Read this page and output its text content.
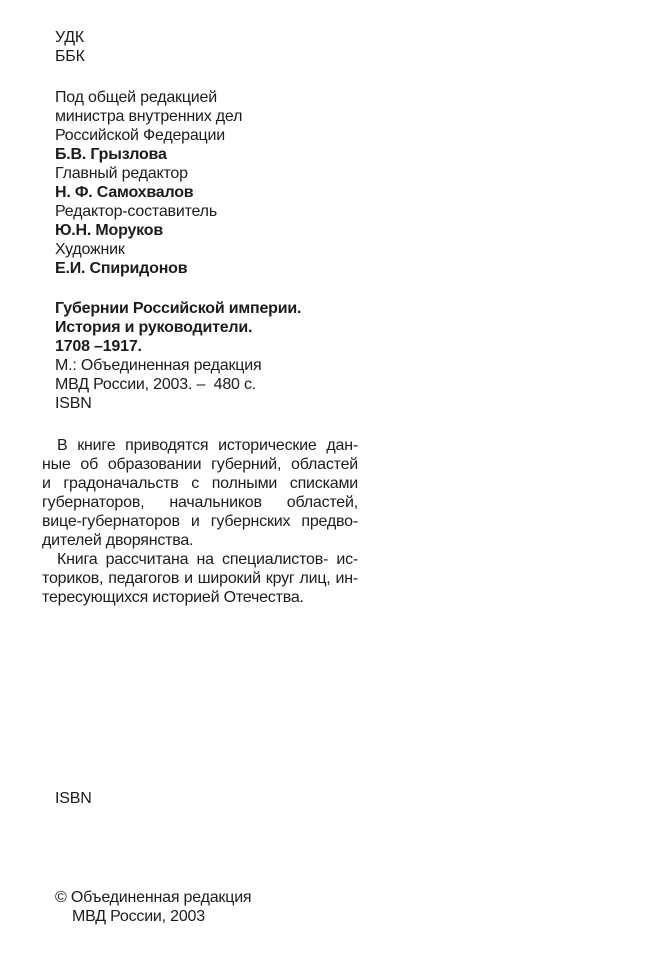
УДК
ББК
Под общей редакцией
министра внутренних дел
Российской Федерации
Б.В. Грызлова
Главный редактор
Н. Ф. Самохвалов
Редактор-составитель
Ю.Н. Моруков
Художник
Е.И. Спиридонов
Губернии Российской империи.
История и руководители.
1708 –1917.
М.: Объединенная редакция
МВД России, 2003. –  480 с.
ISBN
В книге приводятся исторические дан-
ные об образовании губерний, областей
и градоначальств с полными списками
губернаторов, начальников областей,
вице-губернаторов и губернских предво-
дителей дворянства.
Книга рассчитана на специалистов- ис-
ториков, педагогов и широкий круг лиц, ин-
тересующихся историей Отечества.
ISBN
© Объединенная редакция
МВД России, 2003
